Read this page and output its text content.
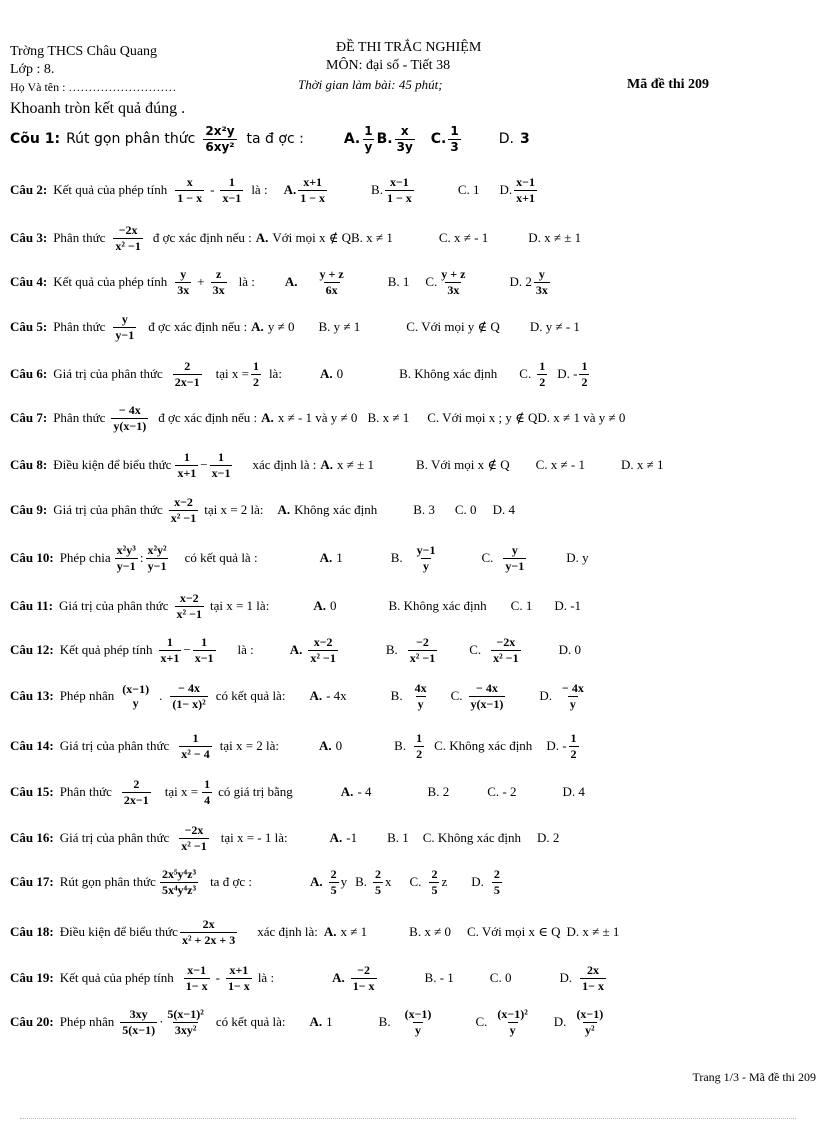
Trờng THCS Châu Quang
Lớp : 8.
Họ Và tên : ………………………
ĐỀ THI TRẮC NGHIỆM
MÔN: đại số - Tiết 38
Thời gian làm bài: 45 phút;	Mã đề thi 209
Khoanh tròn kết quả đúng .
Cõu 1: Rút gọn phân thức $\frac{\text{2x²y}}{\text{6xy²}}$ ta đ ợc :	A. $\frac{1}{y} B$. $\frac{x}{3y} C$. $\frac{1}{3}$	D. 3
Câu 2: Kết quả của phép tính $\frac{x}{1 - x} - \frac{1}{x-1}$ là : A. $\frac{x+1}{1 - x}$	B. $\frac{x-1}{1 - x}$	C. 1 D. $\frac{x-1}{x+1}$
Câu 3: Phân thức $\frac{-2x}{\text{x² −1}}$ đ ợc xác định nếu : A. Với mọi x ∉ Q B. x ≠ 1	C. x ≠ - 1	D. x ≠ ± 1
Câu 4: Kết quả của phép tính $\frac{y}{3x} + \frac{z}{3x}$ là : A. $\frac{y + z}{6x}$	B. 1 C. $\frac{y + z}{3x}$	D. $2 \frac{y}{3x}$
Câu 5: Phân thức $\frac{y}{y-1}$ đ ợc xác định nếu : A. y ≠ 0 B. y ≠ 1	C. Với mọi y ∉ Q D. y ≠ - 1
Câu 6: Giá trị của phân thức $\frac{2}{2x-1}$ tại $x = \frac{1}{2}$ là:	A. 0	B. Không xác định C. $\frac{1}{2} D$. - $\frac{1}{2}$
Câu 7: Phân thức $\frac{- 4x}{y(x-1)}$ đ ợc xác định nếu : A. x ≠ - 1 và y ≠ 0 B. x ≠ 1 C. Với mọi x ; y ∉ Q D. x ≠ 1 và y ≠ 0
Câu 8: Điều kiện để biểu thức $\frac{1}{x+1} - \frac{1}{x-1}$ xác định là : A. x ≠ ± 1	B. Với mọi x ∉ Q C. x ≠ - 1	D. x ≠ 1
Câu 9: Giá trị của phân thức $\frac{x-2}{\text{x² −1}}$ tại x = 2 là: A. Không xác định	B. 3 C. 0 D. 4
Câu 10: Phép chia $\frac{\text{x²y³}}{y-1}$ : $\frac{\text{x²y²}}{y-1}$ có kết quả là :	A. 1	B. $\frac{y-1}{y}$	C. $\frac{y}{y-1}$	D. y
Câu 11: Giá trị của phân thức $\frac{x-2}{\text{x² −1}}$ tại x = 1 là:	A. 0	B. Không xác định C. 1 D. -1
Câu 12: Kết quả phép tính $\frac{1}{x+1} - \frac{1}{x-1}$ là :	A. $\frac{x-2}{\text{x² −1}}$	B. $\frac{-2}{\text{x² −1}} C$. $\frac{-2x}{\text{x² −1}}$	D. 0
Câu 13: Phép nhân (x−1)
y . $\frac{- 4x}{\text{(1− x)²}}$ có kết quả là: A. - 4x	B. $\frac{4x}{y} C$. $\frac{- 4x}{y(x-1)}$	D. $\frac{- 4x}{y}$
Câu 14: Giá trị của phân thức $\frac{1}{\text{x² − 4}}$ tại x = 2 là:	A. 0	B. $\frac{1}{2} C$. Không xác định D. - $\frac{1}{2}$
Câu 15: Phân thức $\frac{2}{2x-1}$ tại $x = \frac{1}{4}$ có giá trị bằng	A. - 4	B. 2	C. - 2	D. 4
Câu 16: Giá trị của phân thức $\frac{-2x}{\text{x² −1}}$ tại x = - 1 là:	A. -1 B. 1 C. Không xác định D. 2
Câu 17: Rút gọn phân thức $\frac{\text{2x⁵y⁴z³}}{\text{5x⁴y⁴z³}}$ ta đ ợc :	A. $\frac{2}{5}$ y B. $\frac{2}{5}$ x C. $\frac{2}{5}$ z D. $\frac{2}{5}$
Câu 18: Điều kiện để biểu thức $\frac{2x}{\text{x² + 2x + 3}}$ xác định là: A. x ≠ 1	B. x ≠ 0 C. Với mọi x ∈ Q D. x ≠ ± 1
Câu 19: Kết quả của phép tính $\frac{x-1}{1- x} - \frac{x+1}{1- x}$ là :	A. $\frac{-2}{1- x}$	B. - 1	C. 0	D. $\frac{2x}{1- x}$
Câu 20: Phép nhân $\frac{3xy}{5(x-1)} \cdot \frac{\text{5(x−1)²}}{\text{3xy²}}$ có kết quả là: A. 1	B. $\frac{(x-1)}{y}$	C. $\frac{\text{(x−1)²}}{y} D$. $\frac{(x-1)}{\text{y²}}$
Trang 1/3 - Mã đề thi 209
